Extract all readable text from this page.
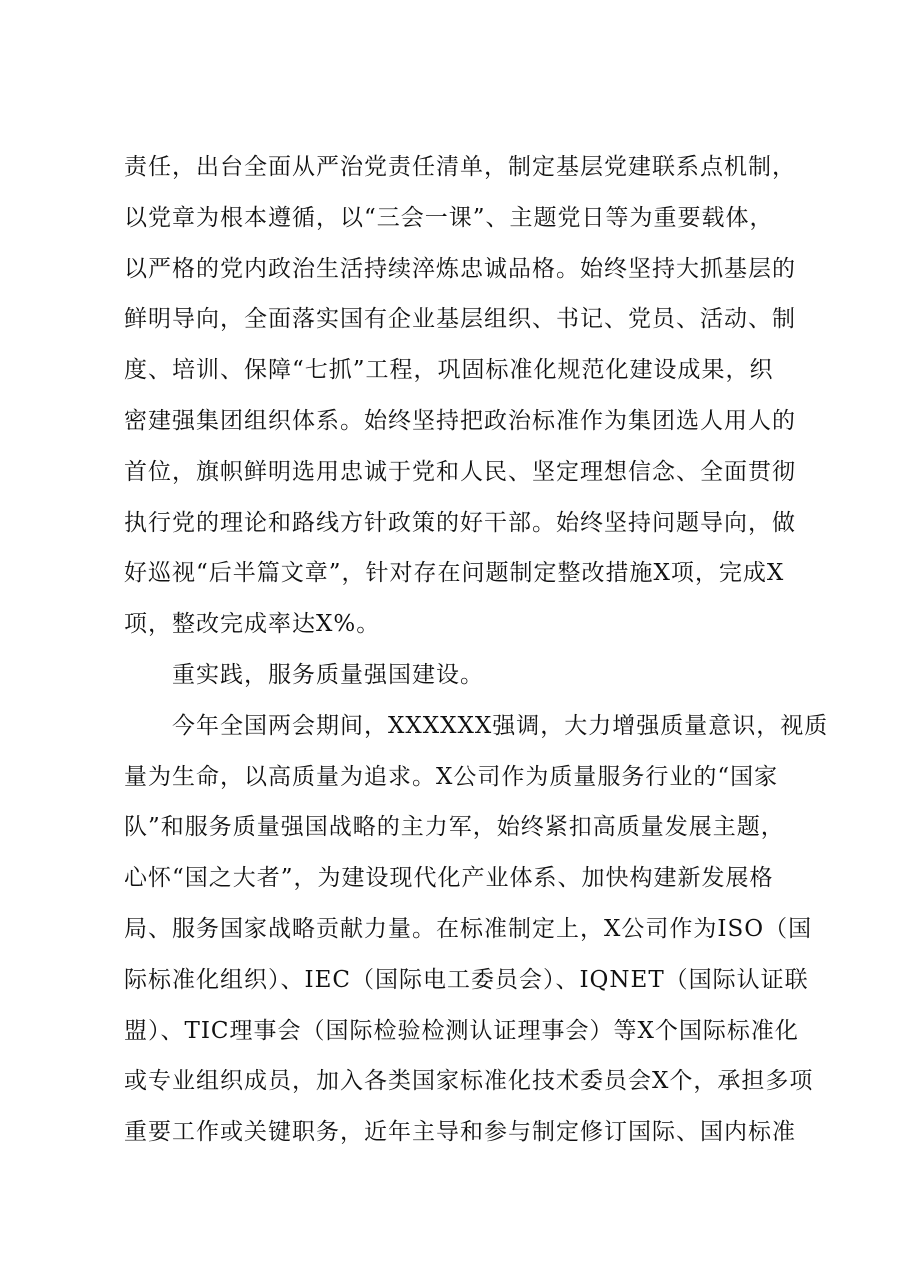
责任，出台全面从严治党责任清单，制定基层党建联系点机制，
以党章为根本遵循，以“三会一课”、主题党日等为重要载体，
以严格的党内政治生活持续淬炼忠诚品格。始终坚持大抓基层的
鲜明导向，全面落实国有企业基层组织、书记、党员、活动、制
度、培训、保障“七抓”工程，巩固标准化规范化建设成果，织
密建强集团组织体系。始终坚持把政治标准作为集团选人用人的
首位，旗帜鲜明选用忠诚于党和人民、坚定理想信念、全面贯彻
执行党的理论和路线方针政策的好干部。始终坚持问题导向，做
好巡视“后半篇文章”，针对存在问题制定整改措施X项，完成X
项，整改完成率达X%。
　　重实践，服务质量强国建设。
　　今年全国两会期间，XXXXXX强调，大力增强质量意识，视质
量为生命，以高质量为追求。X公司作为质量服务行业的“国家
队”和服务质量强国战略的主力军，始终紧扣高质量发展主题，
心怀“国之大者”，为建设现代化产业体系、加快构建新发展格
局、服务国家战略贡献力量。在标准制定上，X公司作为ISO（国
际标准化组织）、IEC（国际电工委员会）、IQNET（国际认证联
盟）、TIC理事会（国际检验检测认证理事会）等X个国际标准化
或专业组织成员，加入各类国家标准化技术委员会X个，承担多项
重要工作或关键职务，近年主导和参与制定修订国际、国内标准
